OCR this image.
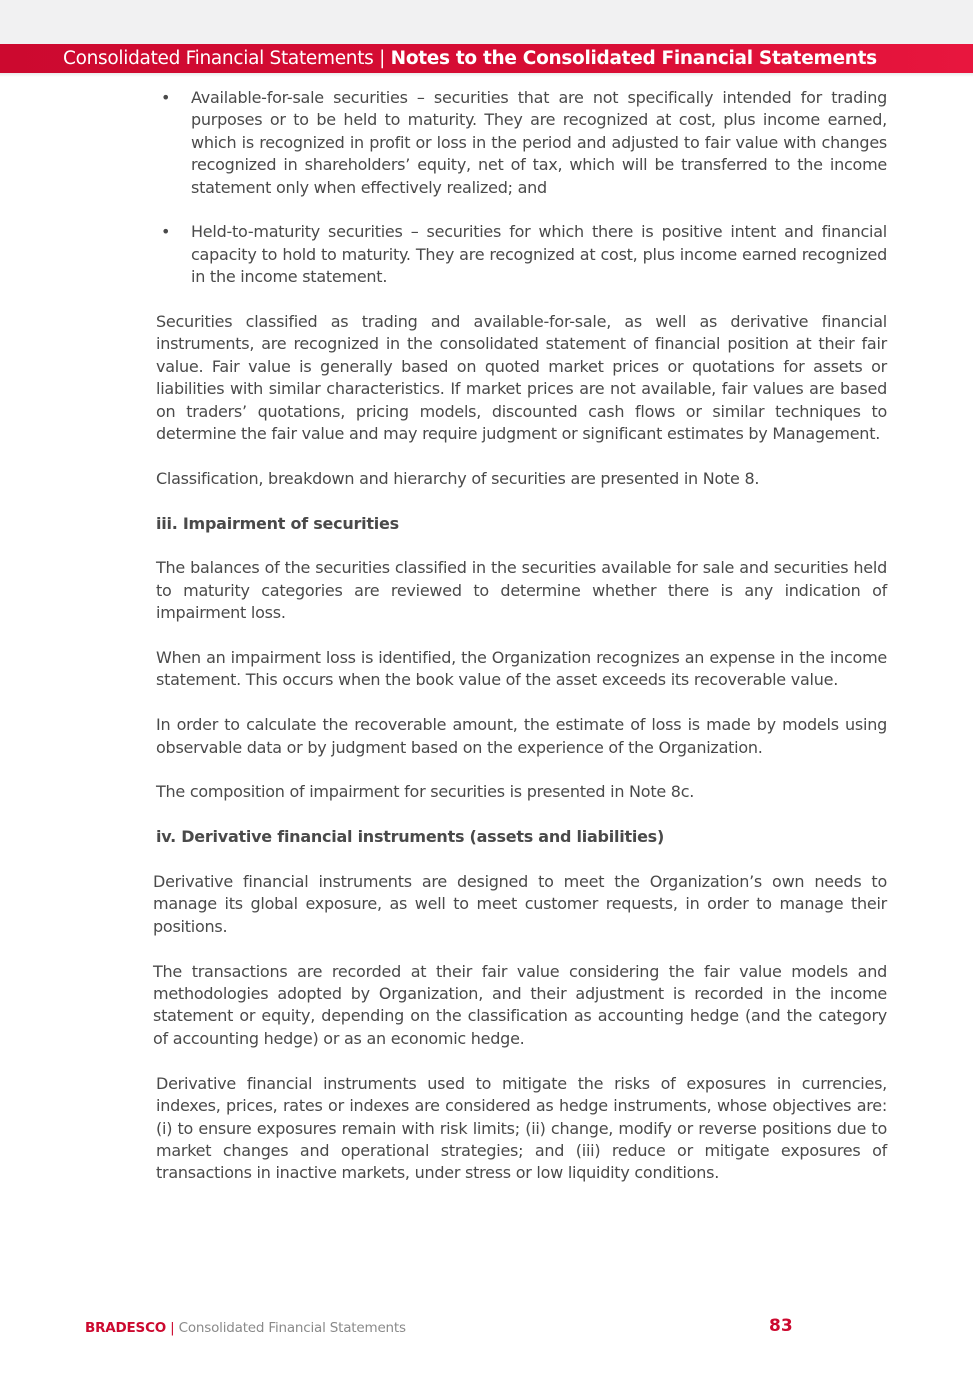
Consolidated Financial Statements | Notes to the Consolidated Financial Statements
• Available-for-sale securities – securities that are not specifically intended for trading purposes or to be held to maturity. They are recognized at cost, plus income earned, which is recognized in profit or loss in the period and adjusted to fair value with changes recognized in shareholders’ equity, net of tax, which will be transferred to the income statement only when effectively realized; and
• Held-to-maturity securities – securities for which there is positive intent and financial capacity to hold to maturity. They are recognized at cost, plus income earned recognized in the income statement.

Securities classified as trading and available-for-sale, as well as derivative financial instruments, are recognized in the consolidated statement of financial position at their fair value. Fair value is generally based on quoted market prices or quotations for assets or liabilities with similar characteristics. If market prices are not available, fair values are based on traders’ quotations, pricing models, discounted cash flows or similar techniques to determine the fair value and may require judgment or significant estimates by Management.

Classification, breakdown and hierarchy of securities are presented in Note 8.

iii. Impairment of securities

The balances of the securities classified in the securities available for sale and securities held to maturity categories are reviewed to determine whether there is any indication of impairment loss.

When an impairment loss is identified, the Organization recognizes an expense in the income statement. This occurs when the book value of the asset exceeds its recoverable value.

In order to calculate the recoverable amount, the estimate of loss is made by models using observable data or by judgment based on the experience of the Organization.

The composition of impairment for securities is presented in Note 8c.

iv. Derivative financial instruments (assets and liabilities)

Derivative financial instruments are designed to meet the Organization’s own needs to manage its global exposure, as well to meet customer requests, in order to manage their positions.

The transactions are recorded at their fair value considering the fair value models and methodologies adopted by Organization, and their adjustment is recorded in the income statement or equity, depending on the classification as accounting hedge (and the category of accounting hedge) or as an economic hedge.

Derivative financial instruments used to mitigate the risks of exposures in currencies, indexes, prices, rates or indexes are considered as hedge instruments, whose objectives are: (i) to ensure exposures remain with risk limits; (ii) change, modify or reverse positions due to market changes and operational strategies; and (iii) reduce or mitigate exposures of transactions in inactive markets, under stress or low liquidity conditions.

BRADESCO | Consolidated Financial Statements	83
